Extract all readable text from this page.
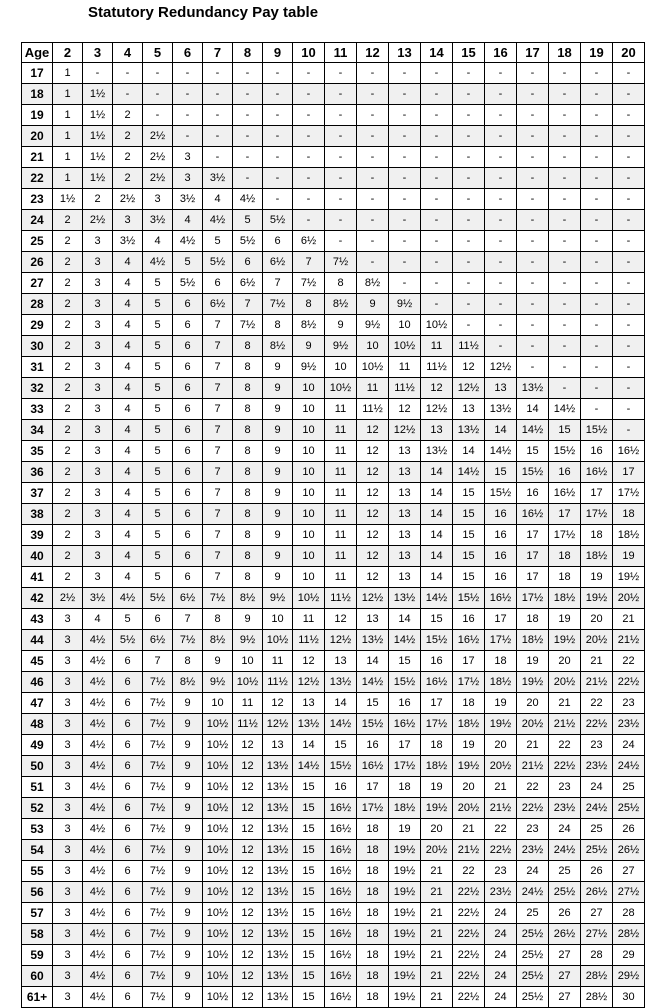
Statutory Redundancy Pay table
Age	2	3	4	5	6	7	8	9	10	11	12	13	14	15	16	17	18	19	20
17	1	-	-	-	-	-	-	-	-	-	-	-	-	-	-	-	-	-	-
18	1	1½	-	-	-	-	-	-	-	-	-	-	-	-	-	-	-	-	-
19	1	1½	2	-	-	-	-	-	-	-	-	-	-	-	-	-	-	-	-
20	1	1½	2	2½	-	-	-	-	-	-	-	-	-	-	-	-	-	-	-
21	1	1½	2	2½	3	-	-	-	-	-	-	-	-	-	-	-	-	-	-
22	1	1½	2	2½	3	3½	-	-	-	-	-	-	-	-	-	-	-	-	-
23	1½	2	2½	3	3½	4	4½	-	-	-	-	-	-	-	-	-	-	-	-
24	2	2½	3	3½	4	4½	5	5½	-	-	-	-	-	-	-	-	-	-	-
25	2	3	3½	4	4½	5	5½	6	6½	-	-	-	-	-	-	-	-	-	-
26	2	3	4	4½	5	5½	6	6½	7	7½	-	-	-	-	-	-	-	-	-
27	2	3	4	5	5½	6	6½	7	7½	8	8½	-	-	-	-	-	-	-	-
28	2	3	4	5	6	6½	7	7½	8	8½	9	9½	-	-	-	-	-	-	-
29	2	3	4	5	6	7	7½	8	8½	9	9½	10	10½	-	-	-	-	-	-
30	2	3	4	5	6	7	8	8½	9	9½	10	10½	11	11½	-	-	-	-	-
31	2	3	4	5	6	7	8	9	9½	10	10½	11	11½	12	12½	-	-	-	-
32	2	3	4	5	6	7	8	9	10	10½	11	11½	12	12½	13	13½	-	-	-
33	2	3	4	5	6	7	8	9	10	11	11½	12	12½	13	13½	14	14½	-	-
34	2	3	4	5	6	7	8	9	10	11	12	12½	13	13½	14	14½	15	15½	-
35	2	3	4	5	6	7	8	9	10	11	12	13	13½	14	14½	15	15½	16	16½
36	2	3	4	5	6	7	8	9	10	11	12	13	14	14½	15	15½	16	16½	17
37	2	3	4	5	6	7	8	9	10	11	12	13	14	15	15½	16	16½	17	17½
38	2	3	4	5	6	7	8	9	10	11	12	13	14	15	16	16½	17	17½	18
39	2	3	4	5	6	7	8	9	10	11	12	13	14	15	16	17	17½	18	18½
40	2	3	4	5	6	7	8	9	10	11	12	13	14	15	16	17	18	18½	19
41	2	3	4	5	6	7	8	9	10	11	12	13	14	15	16	17	18	19	19½
42	2½	3½	4½	5½	6½	7½	8½	9½	10½	11½	12½	13½	14½	15½	16½	17½	18½	19½	20½
43	3	4	5	6	7	8	9	10	11	12	13	14	15	16	17	18	19	20	21
44	3	4½	5½	6½	7½	8½	9½	10½	11½	12½	13½	14½	15½	16½	17½	18½	19½	20½	21½
45	3	4½	6	7	8	9	10	11	12	13	14	15	16	17	18	19	20	21	22
46	3	4½	6	7½	8½	9½	10½	11½	12½	13½	14½	15½	16½	17½	18½	19½	20½	21½	22½
47	3	4½	6	7½	9	10	11	12	13	14	15	16	17	18	19	20	21	22	23
48	3	4½	6	7½	9	10½	11½	12½	13½	14½	15½	16½	17½	18½	19½	20½	21½	22½	23½
49	3	4½	6	7½	9	10½	12	13	14	15	16	17	18	19	20	21	22	23	24
50	3	4½	6	7½	9	10½	12	13½	14½	15½	16½	17½	18½	19½	20½	21½	22½	23½	24½
51	3	4½	6	7½	9	10½	12	13½	15	16	17	18	19	20	21	22	23	24	25
52	3	4½	6	7½	9	10½	12	13½	15	16½	17½	18½	19½	20½	21½	22½	23½	24½	25½
53	3	4½	6	7½	9	10½	12	13½	15	16½	18	19	20	21	22	23	24	25	26
54	3	4½	6	7½	9	10½	12	13½	15	16½	18	19½	20½	21½	22½	23½	24½	25½	26½
55	3	4½	6	7½	9	10½	12	13½	15	16½	18	19½	21	22	23	24	25	26	27
56	3	4½	6	7½	9	10½	12	13½	15	16½	18	19½	21	22½	23½	24½	25½	26½	27½
57	3	4½	6	7½	9	10½	12	13½	15	16½	18	19½	21	22½	24	25	26	27	28
58	3	4½	6	7½	9	10½	12	13½	15	16½	18	19½	21	22½	24	25½	26½	27½	28½
59	3	4½	6	7½	9	10½	12	13½	15	16½	18	19½	21	22½	24	25½	27	28	29
60	3	4½	6	7½	9	10½	12	13½	15	16½	18	19½	21	22½	24	25½	27	28½	29½
61+	3	4½	6	7½	9	10½	12	13½	15	16½	18	19½	21	22½	24	25½	27	28½	30
